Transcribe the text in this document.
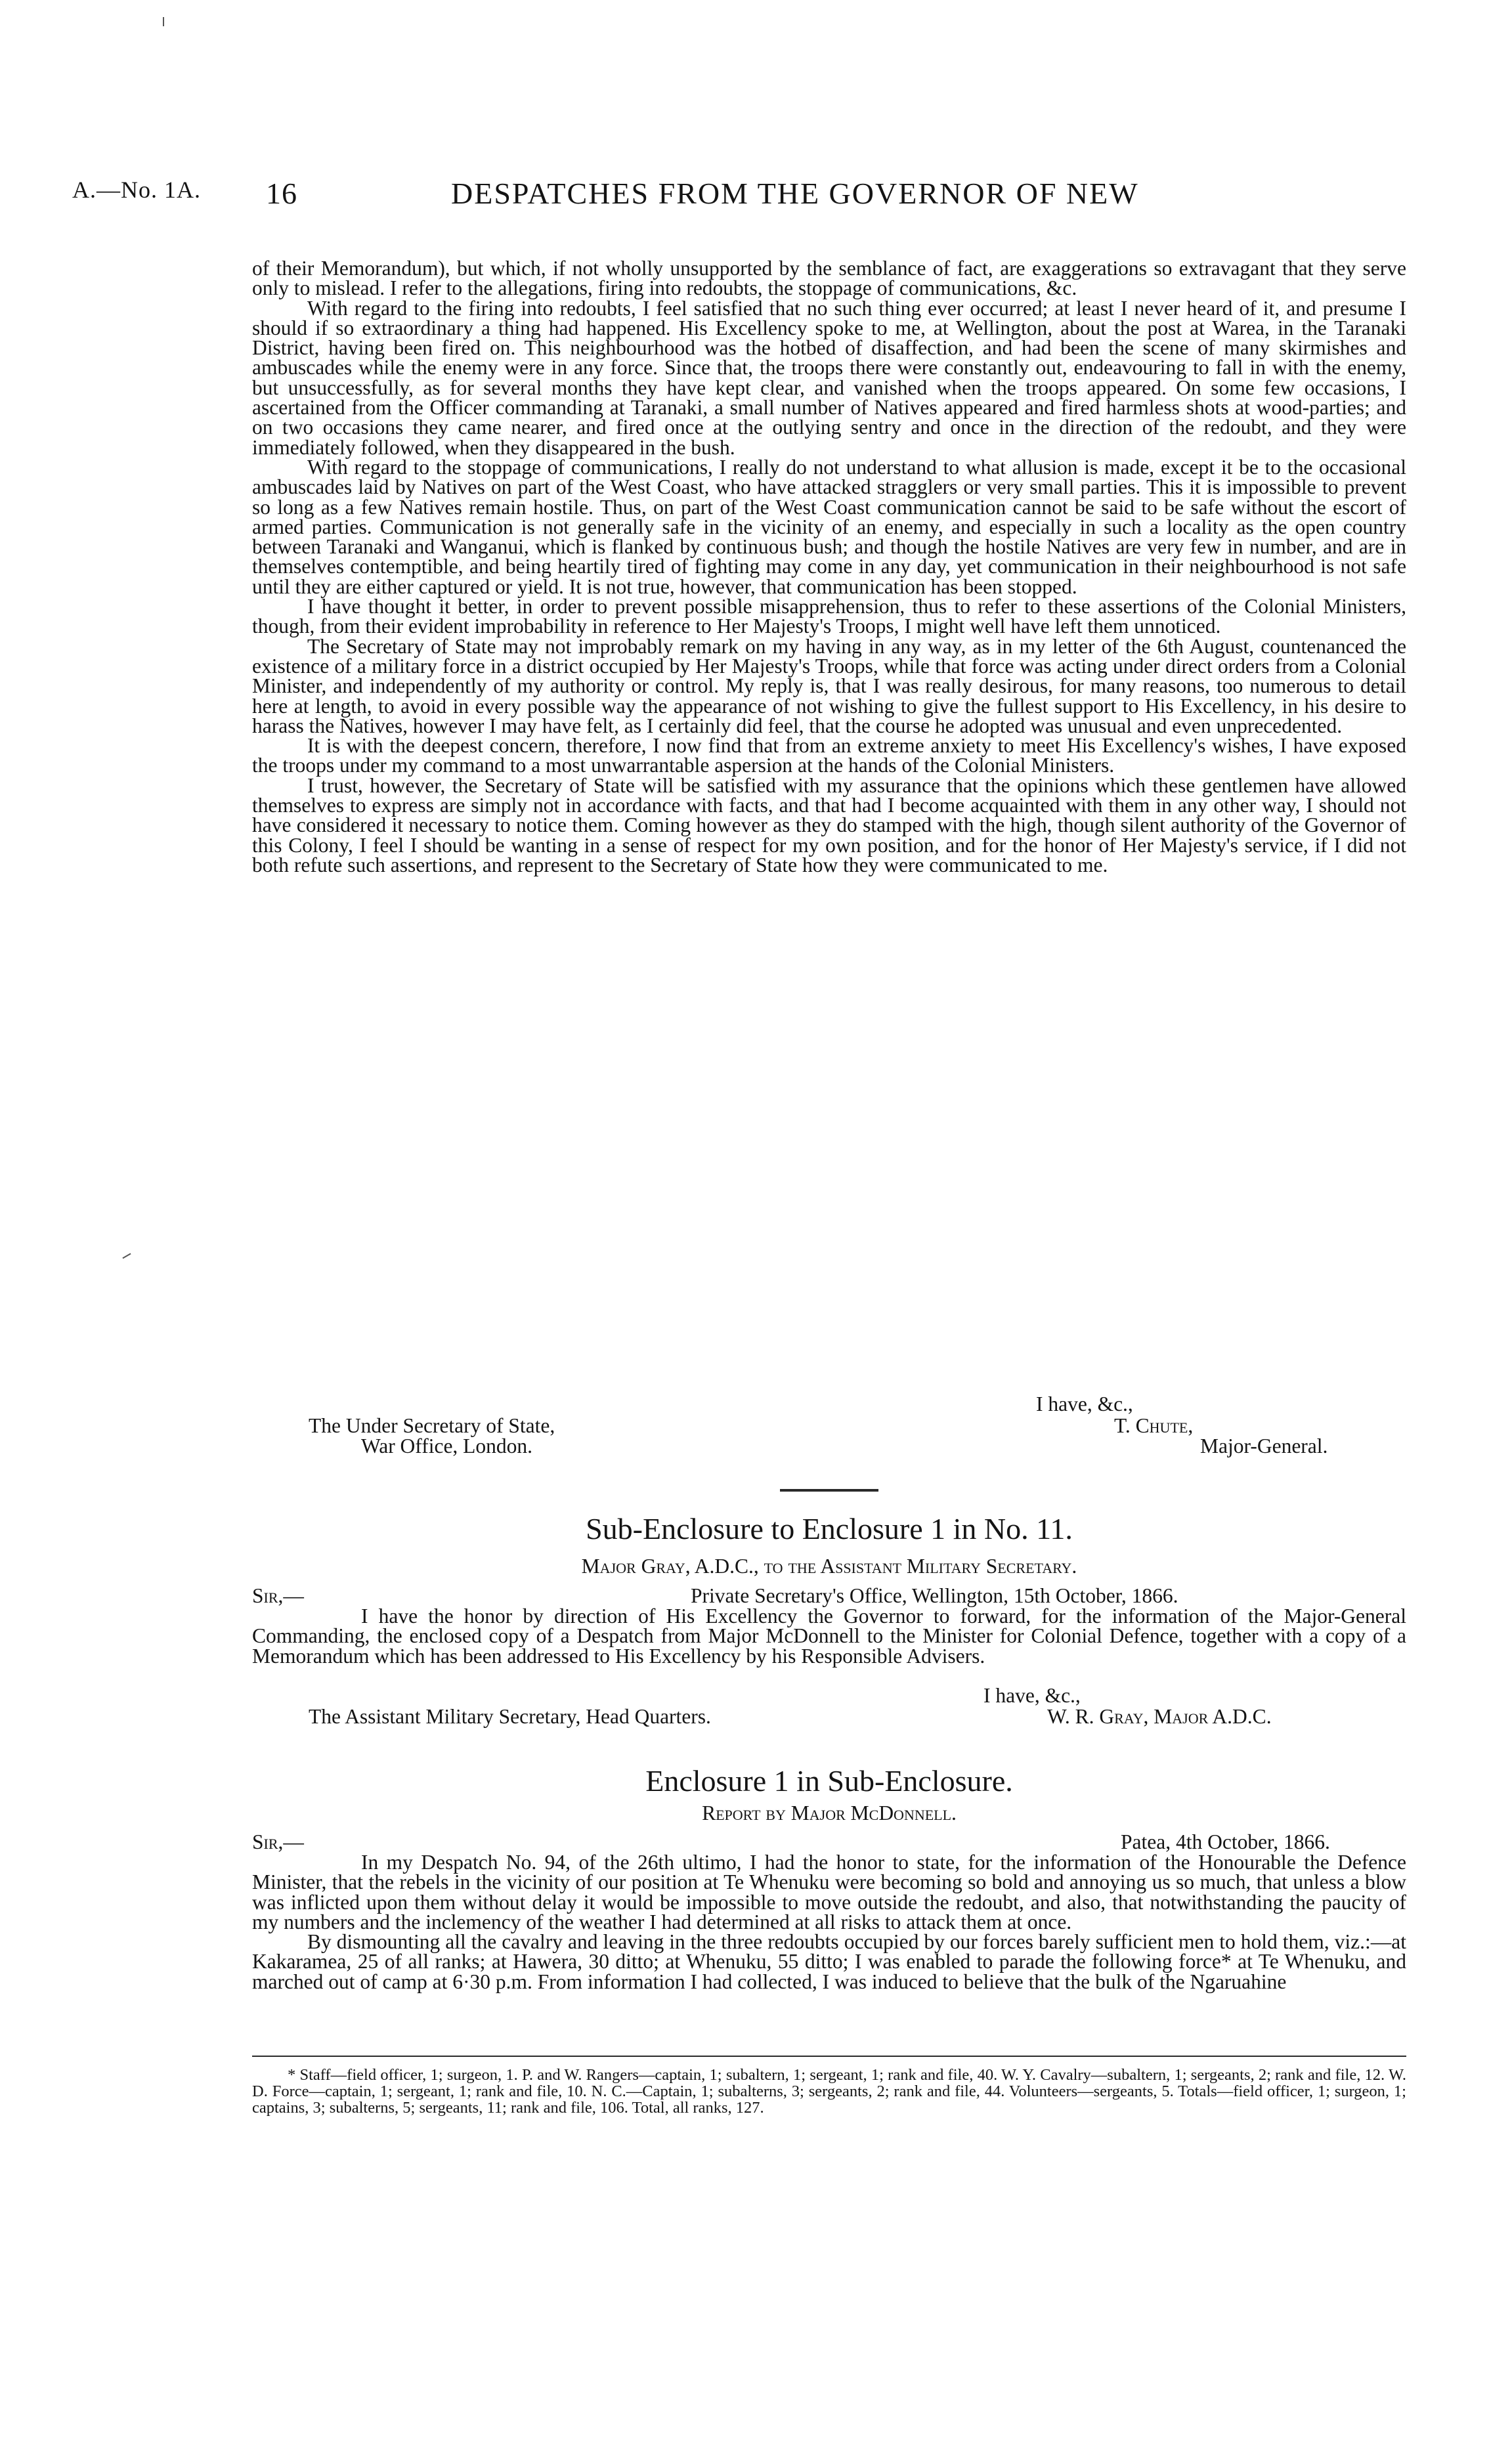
A.—No. 1A. 16	DESPATCHES FROM THE GOVERNOR OF NEW

of their Memorandum), but which, if not wholly unsupported by the semblance of fact, are exaggerations so extravagant that they serve only to mislead. I refer to the allegations, firing into redoubts, the stoppage of communications, &c.

With regard to the firing into redoubts, I feel satisfied that no such thing ever occurred; at least I never heard of it, and presume I should if so extraordinary a thing had happened. His Excellency spoke to me, at Wellington, about the post at Warea, in the Taranaki District, having been fired on. This neighbourhood was the hotbed of disaffection, and had been the scene of many skirmishes and ambuscades while the enemy were in any force. Since that, the troops there were constantly out, endeavouring to fall in with the enemy, but unsuccessfully, as for several months they have kept clear, and vanished when the troops appeared. On some few occasions, I ascertained from the Officer commanding at Taranaki, a small number of Natives appeared and fired harmless shots at wood-parties; and on two occasions they came nearer, and fired once at the outlying sentry and once in the direction of the redoubt, and they were immediately followed, when they disappeared in the bush.

With regard to the stoppage of communications, I really do not understand to what allusion is made, except it be to the occasional ambuscades laid by Natives on part of the West Coast, who have attacked stragglers or very small parties. This it is impossible to prevent so long as a few Natives remain hostile. Thus, on part of the West Coast communication cannot be said to be safe without the escort of armed parties. Communication is not generally safe in the vicinity of an enemy, and especially in such a locality as the open country between Taranaki and Wanganui, which is flanked by continuous bush; and though the hostile Natives are very few in number, and are in themselves contemptible, and being heartily tired of fighting may come in any day, yet communication in their neighbourhood is not safe until they are either captured or yield. It is not true, however, that communication has been stopped.

I have thought it better, in order to prevent possible misapprehension, thus to refer to these assertions of the Colonial Ministers, though, from their evident improbability in reference to Her Majesty's Troops, I might well have left them unnoticed.

The Secretary of State may not improbably remark on my having in any way, as in my letter of the 6th August, countenanced the existence of a military force in a district occupied by Her Majesty's Troops, while that force was acting under direct orders from a Colonial Minister, and independently of my authority or control. My reply is, that I was really desirous, for many reasons, too numerous to detail here at length, to avoid in every possible way the appearance of not wishing to give the fullest support to His Excellency, in his desire to harass the Natives, however I may have felt, as I certainly did feel, that the course he adopted was unusual and even unprecedented.

It is with the deepest concern, therefore, I now find that from an extreme anxiety to meet His Excellency's wishes, I have exposed the troops under my command to a most unwarrantable aspersion at the hands of the Colonial Ministers.

I trust, however, the Secretary of State will be satisfied with my assurance that the opinions which these gentlemen have allowed themselves to express are simply not in accordance with facts, and that had I become acquainted with them in any other way, I should not have considered it necessary to notice them. Coming however as they do stamped with the high, though silent authority of the Governor of this Colony, I feel I should be wanting in a sense of respect for my own position, and for the honor of Her Majesty's service, if I did not both refute such assertions, and represent to the Secretary of State how they were communicated to me.

I have, &c.,
The Under Secretary of State,
War Office, London.
T. Chute,
Major-General.
Sub-Enclosure to Enclosure 1 in No. 11.
Major Gray, A.D.C., to the Assistant Military Secretary.
Sir,—	Private Secretary's Office, Wellington, 15th October, 1866.

I have the honor by direction of His Excellency the Governor to forward, for the information of the Major-General Commanding, the enclosed copy of a Despatch from Major McDonnell to the Minister for Colonial Defence, together with a copy of a Memorandum which has been addressed to His Excellency by his Responsible Advisers.

I have, &c.,
The Assistant Military Secretary, Head Quarters.	W. R. Gray, Major A.D.C.
Enclosure 1 in Sub-Enclosure.
Report by Major McDonnell.
Sir,—	Patea, 4th October, 1866.

In my Despatch No. 94, of the 26th ultimo, I had the honor to state, for the information of the Honourable the Defence Minister, that the rebels in the vicinity of our position at Te Whenuku were becoming so bold and annoying us so much, that unless a blow was inflicted upon them without delay it would be impossible to move outside the redoubt, and also, that notwithstanding the paucity of my numbers and the inclemency of the weather I had determined at all risks to attack them at once.

By dismounting all the cavalry and leaving in the three redoubts occupied by our forces barely sufficient men to hold them, viz.:—at Kakaramea, 25 of all ranks; at Hawera, 30 ditto; at Whenuku, 55 ditto; I was enabled to parade the following force* at Te Whenuku, and marched out of camp at 6·30 p.m. From information I had collected, I was induced to believe that the bulk of the Ngaruahine

* Staff—field officer, 1; surgeon, 1. P. and W. Rangers—captain, 1; subaltern, 1; sergeant, 1; rank and file, 40. W. Y. Cavalry—subaltern, 1; sergeants, 2; rank and file, 12. W. D. Force—captain, 1; sergeant, 1; rank and file, 10. N. C.—Captain, 1; subalterns, 3; sergeants, 2; rank and file, 44. Volunteers—sergeants, 5. Totals—field officer, 1; surgeon, 1; captains, 3; subalterns, 5; sergeants, 11; rank and file, 106. Total, all ranks, 127.
